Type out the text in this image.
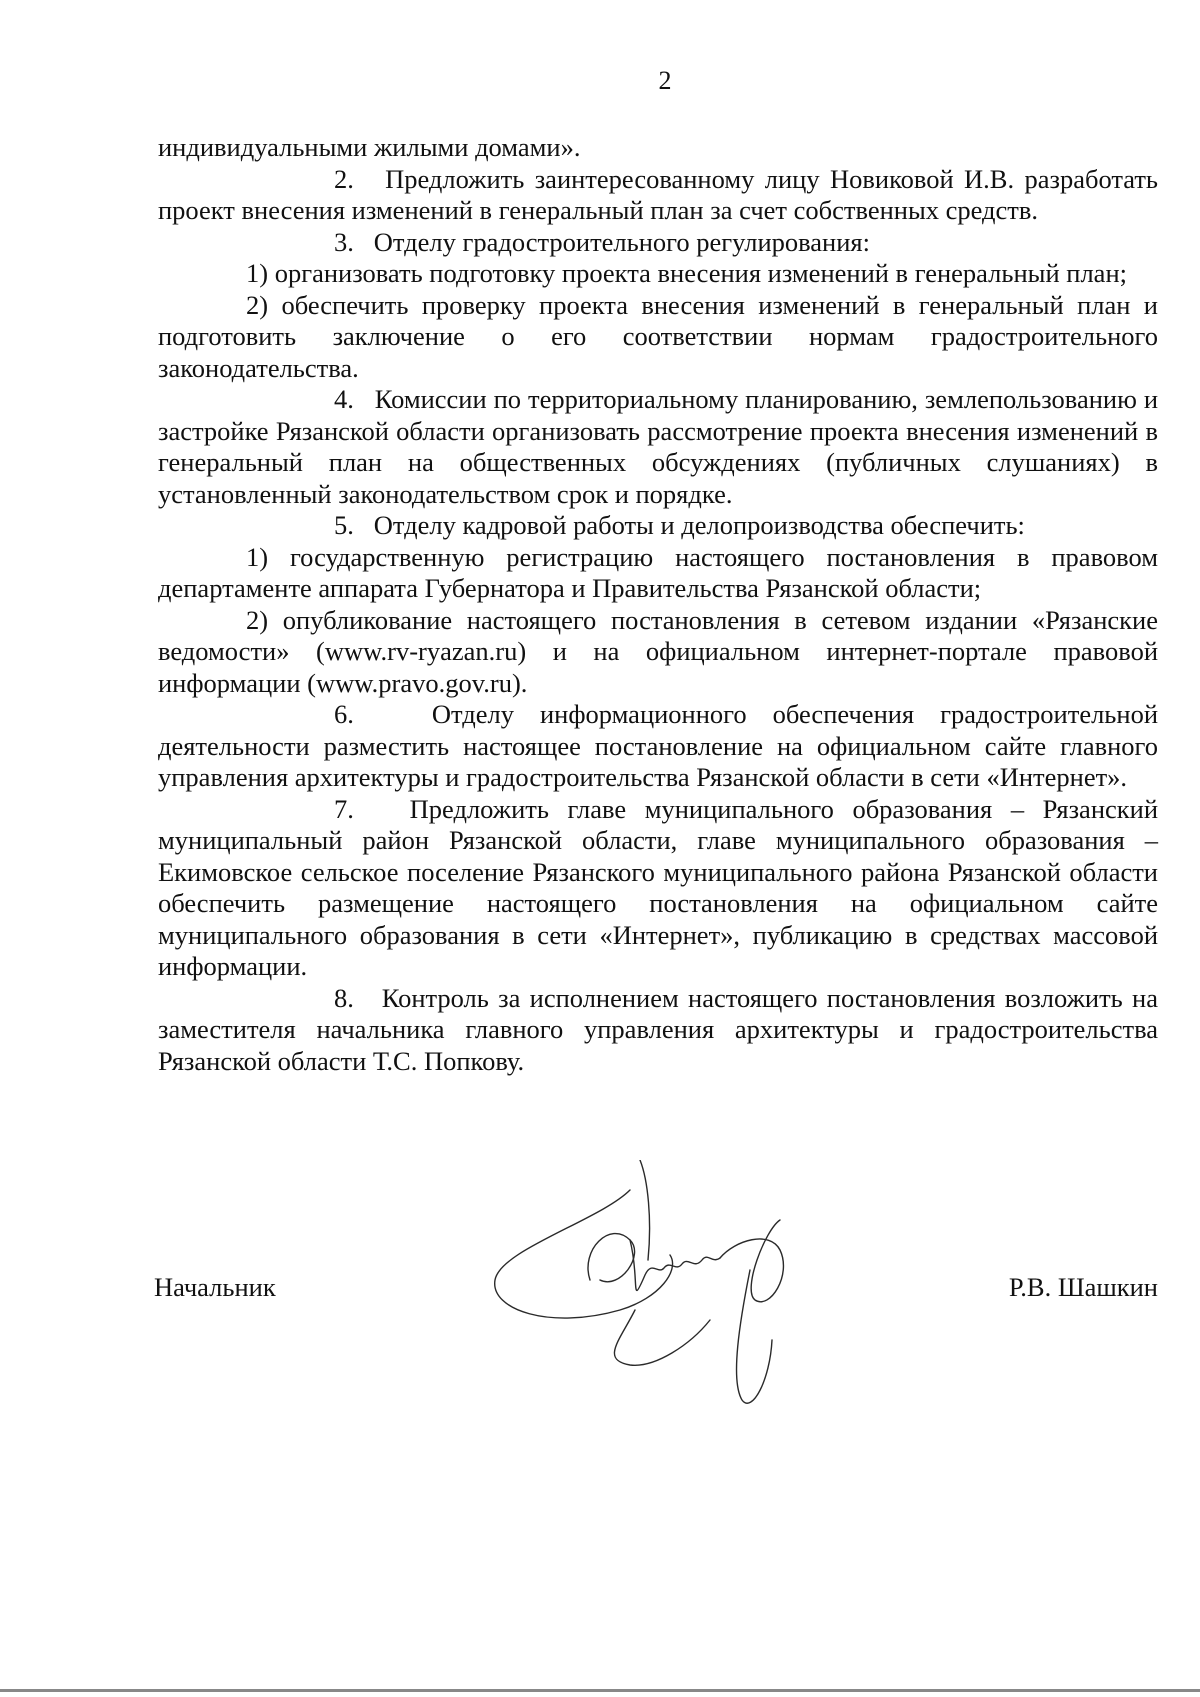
2

индивидуальными жилыми домами».

2. Предложить заинтересованному лицу Новиковой И.В. разработать проект внесения изменений в генеральный план за счет собственных средств.

3. Отделу градостроительного регулирования:

1) организовать подготовку проекта внесения изменений в генеральный план;

2) обеспечить проверку проекта внесения изменений в генеральный план и подготовить заключение о его соответствии нормам градостроительного законодательства.

4. Комиссии по территориальному планированию, землепользованию и застройке Рязанской области организовать рассмотрение проекта внесения изменений в генеральный план на общественных обсуждениях (публичных слушаниях) в установленный законодательством срок и порядке.

5. Отделу кадровой работы и делопроизводства обеспечить:

1) государственную регистрацию настоящего постановления в правовом департаменте аппарата Губернатора и Правительства Рязанской области;

2) опубликование настоящего постановления в сетевом издании «Рязанские ведомости» (www.rv-ryazan.ru) и на официальном интернет-портале правовой информации (www.pravo.gov.ru).

6.	Отделу информационного обеспечения градостроительной деятельности разместить настоящее постановление на официальном сайте главного управления архитектуры и градостроительства Рязанской области в сети «Интернет».

7. Предложить главе муниципального образования – Рязанский муниципальный район Рязанской области, главе муниципального образования – Екимовское сельское поселение Рязанского муниципального района Рязанской области обеспечить размещение настоящего постановления на официальном сайте муниципального образования в сети «Интернет», публикацию в средствах массовой информации.

8. Контроль за исполнением настоящего постановления возложить на заместителя начальника главного управления архитектуры и градостроительства Рязанской области Т.С. Попкову.

Начальник	Р.В. Шашкин
